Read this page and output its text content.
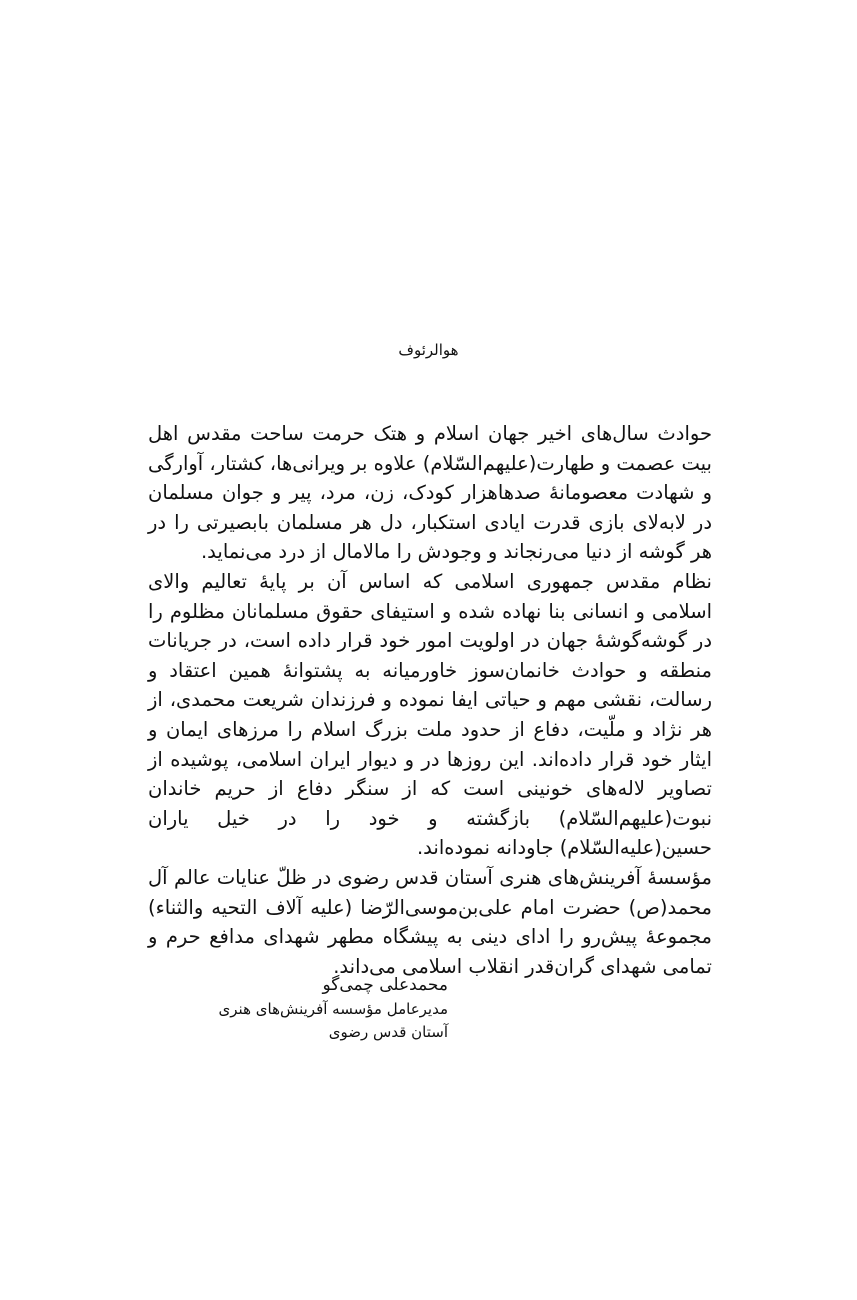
هوالرئوف

حوادث سال‌های اخیر جهان اسلام و هتک حرمت ساحت مقدس اهل بیت عصمت و طهارت(علیهم‌السّلام) علاوه بر ویرانی‌ها، کشتار، آوارگی و شهادت معصومانهٔ صدهاهزار کودک، زن، مرد، پیر و جوان مسلمان در لابه‌لای بازی قدرت ایادی استکبار، دل هر مسلمان بابصیرتی را در هر گوشه از دنیا می‌رنجاند و وجودش را مالامال از درد می‌نماید.

نظام مقدس جمهوری اسلامی که اساس آن بر پایهٔ تعالیم والای اسلامی و انسانی بنا نهاده شده و استیفای حقوق مسلمانان مظلوم را در گوشه‌گوشهٔ جهان در اولویت امور خود قرار داده است، در جریانات منطقه و حوادث خانمان‌سوز خاورمیانه به پشتوانهٔ همین اعتقاد و رسالت، نقشی مهم و حیاتی ایفا نموده و فرزندان شریعت محمدی، از هر نژاد و ملّیت، دفاع از حدود ملت بزرگ اسلام را مرزهای ایمان و ایثار خود قرار داده‌اند. این روزها در و دیوار ایران اسلامی، پوشیده از تصاویر لاله‌های خونینی است که از سنگر دفاع از حریم خاندان نبوت(علیهم‌السّلام) بازگشته و خود را در خیل یاران حسین(علیه‌السّلام) جاودانه نموده‌اند.

مؤسسهٔ آفرینش‌های هنری آستان قدس رضوی در ظلّ عنایات عالم آل محمد(ص) حضرت امام علی‌بن‌موسی‌الرّضا (علیه آلاف التحیه والثناء) مجموعهٔ پیش‌رو را ادای دینی به پیشگاه مطهر شهدای مدافع حرم و تمامی شهدای گران‌قدر انقلاب اسلامی می‌داند.

محمدعلی چمی‌گو
مدیرعامل مؤسسه آفرینش‌های هنری
آستان قدس رضوی
